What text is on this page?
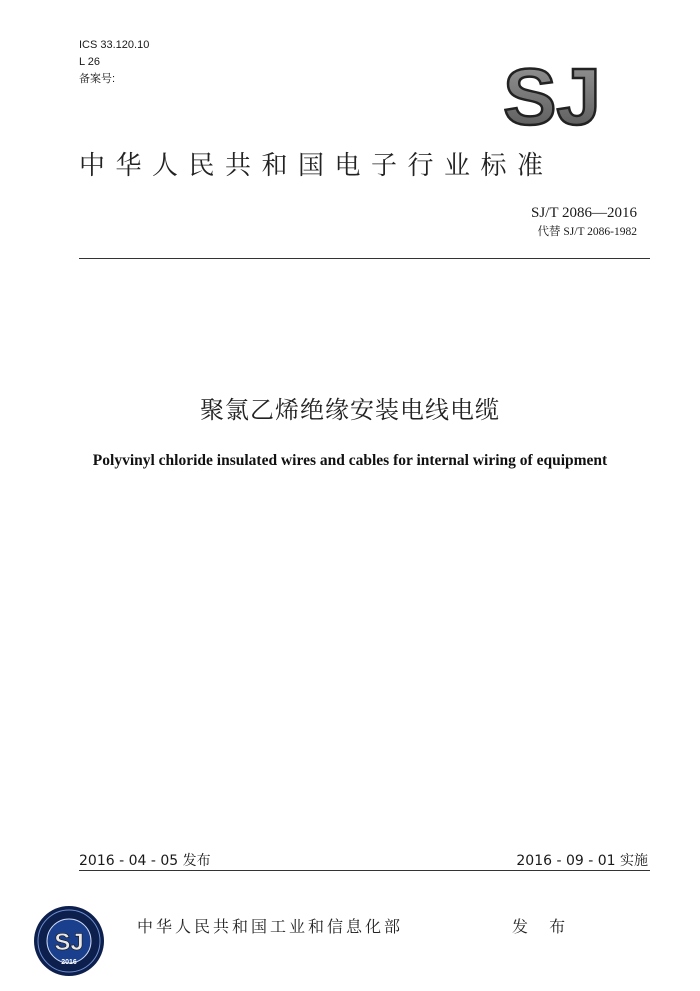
ICS 33.120.10
L 26
备案号:	SJ
中华人民共和国电子行业标准
SJ/T 2086—2016
代替 SJ/T 2086-1982
聚氯乙烯绝缘安装电线电缆
Polyvinyl chloride insulated wires and cables for internal wiring of equipment
2016 - 04 - 05 发布	2016 - 09 - 01 实施
SJ
2016
中华人民共和国工业和信息化部	发 布
